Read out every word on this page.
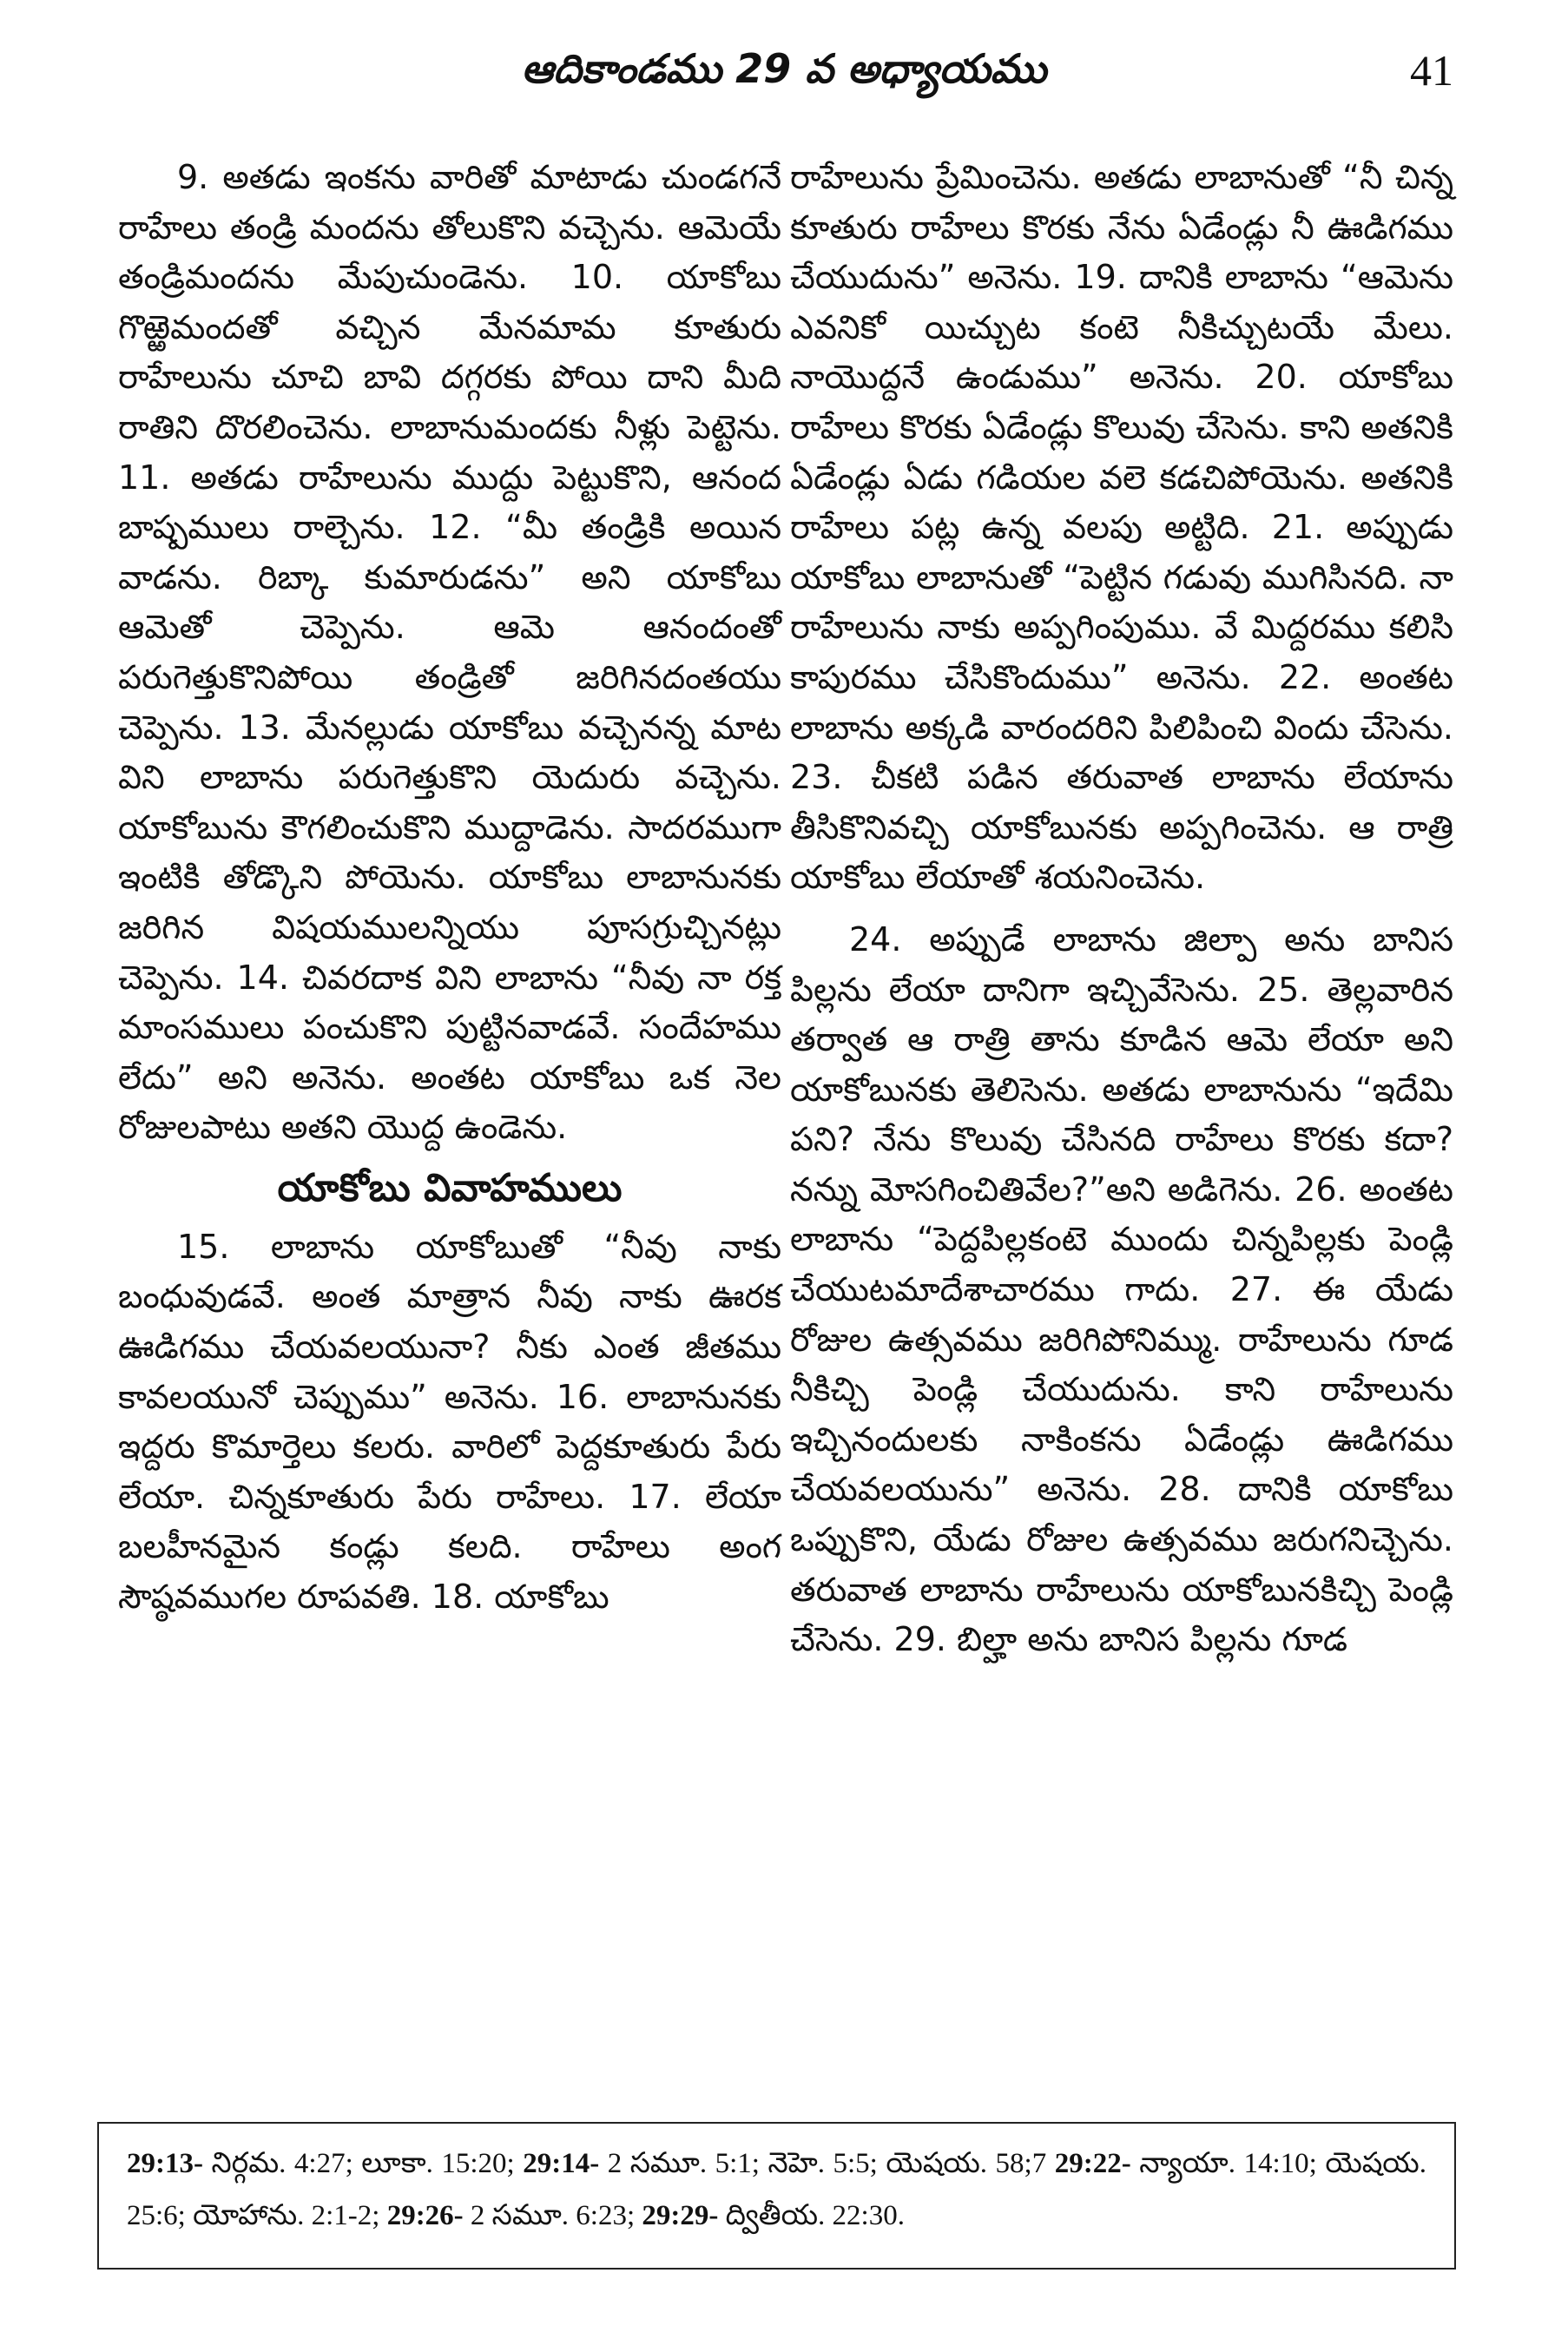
ఆదికాండము 29 వ అధ్యాయము	41

9. అతడు ఇంకను వారితో మాటాడు చుండగనే రాహేలు తండ్రి మందను తోలుకొని వచ్చెను. ఆమెయే తండ్రిమందను మేపుచుండెను. 10. యాకోబు గొఱ్ఱెమందతో వచ్చిన మేనమామ కూతురు రాహేలును చూచి బావి దగ్గరకు పోయి దాని మీది రాతిని దొరలించెను. లాబానుమందకు నీళ్లు పెట్టెను. 11. అతడు రాహేలును ముద్దు పెట్టుకొని, ఆనంద బాష్పములు రాల్చెను. 12. “మీ తండ్రికి అయిన వాడను. రిబ్కా కుమారుడను” అని యాకోబు ఆమెతో చెప్పెను. ఆమె ఆనందంతో పరుగెత్తుకొనిపోయి తండ్రితో జరిగినదంతయు చెప్పెను. 13. మేనల్లుడు యాకోబు వచ్చెనన్న మాట విని లాబాను పరుగెత్తుకొని యెదురు వచ్చెను. యాకోబును కౌగలించుకొని ముద్దాడెను. సాదరముగా ఇంటికి తోడ్కొని పోయెను. యాకోబు లాబానునకు జరిగిన విషయములన్నియు పూసగ్రుచ్చినట్లు చెప్పెను. 14. చివరదాక విని లాబాను “నీవు నా రక్త మాంసములు పంచుకొని పుట్టినవాడవే. సందేహము లేదు” అని అనెను. అంతట యాకోబు ఒక నెల రోజులపాటు అతని యొద్ద ఉండెను.

యాకోబు వివాహములు

15. లాబాను యాకోబుతో “నీవు నాకు బంధువుడవే. అంత మాత్రాన నీవు నాకు ఊరక ఊడిగము చేయవలయునా? నీకు ఎంత జీతము కావలయునో చెప్పుము” అనెను. 16. లాబానునకు ఇద్దరు కొమార్తెలు కలరు. వారిలో పెద్దకూతురు పేరు లేయా. చిన్నకూతురు పేరు రాహేలు. 17. లేయా బలహీనమైన కండ్లు కలది. రాహేలు అంగ సౌష్ఠవముగల రూపవతి. 18. యాకోబు

రాహేలును ప్రేమించెను. అతడు లాబానుతో “నీ చిన్న కూతురు రాహేలు కొరకు నేను ఏడేండ్లు నీ ఊడిగము చేయుదును” అనెను. 19. దానికి లాబాను “ఆమెను ఎవనికో యిచ్చుట కంటె నీకిచ్చుటయే మేలు. నాయొద్దనే ఉండుము” అనెను. 20. యాకోబు రాహేలు కొరకు ఏడేండ్లు కొలువు చేసెను. కాని అతనికి ఏడేండ్లు ఏడు గడియల వలె కడచిపోయెను. అతనికి రాహేలు పట్ల ఉన్న వలపు అట్టిది. 21. అప్పుడు యాకోబు లాబానుతో “పెట్టిన గడువు ముగిసినది. నా రాహేలును నాకు అప్పగింపుము. వే మిద్దరము కలిసి కాపురము చేసికొందుము” అనెను. 22. అంతట లాబాను అక్కడి వారందరిని పిలిపించి విందు చేసెను. 23. చీకటి పడిన తరువాత లాబాను లేయాను తీసికొనివచ్చి యాకోబునకు అప్పగించెను. ఆ రాత్రి యాకోబు లేయాతో శయనించెను.

24. అప్పుడే లాబాను జిల్పా అను బానిస పిల్లను లేయా దానిగా ఇచ్చివేసెను. 25. తెల్లవారిన తర్వాత ఆ రాత్రి తాను కూడిన ఆమె లేయా అని యాకోబునకు తెలిసెను. అతడు లాబానును “ఇదేమి పని? నేను కొలువు చేసినది రాహేలు కొరకు కదా? నన్ను మోసగించితివేల?”అని అడిగెను. 26. అంతట లాబాను “పెద్దపిల్లకంటె ముందు చిన్నపిల్లకు పెండ్లి చేయుటమాదేశాచారము గాదు. 27. ఈ యేడు రోజుల ఉత్సవము జరిగిపోనిమ్ము. రాహేలును గూడ నీకిచ్చి పెండ్లి చేయుదును. కాని రాహేలును ఇచ్చినందులకు నాకింకను ఏడేండ్లు ఊడిగము చేయవలయును” అనెను. 28. దానికి యాకోబు ఒప్పుకొని, యేడు రోజుల ఉత్సవము జరుగనిచ్చెను. తరువాత లాబాను రాహేలును యాకోబునకిచ్చి పెండ్లి చేసెను. 29. బిల్హా అను బానిస పిల్లను గూడ

29:13- నిర్గమ. 4:27; లూకా. 15:20; 29:14- 2 సమూ. 5:1; నెహె. 5:5; యెషయ. 58;7 29:22- న్యాయా. 14:10; యెషయ. 25:6; యోహాను. 2:1-2; 29:26- 2 సమూ. 6:23; 29:29- ద్వితీయ. 22:30.
